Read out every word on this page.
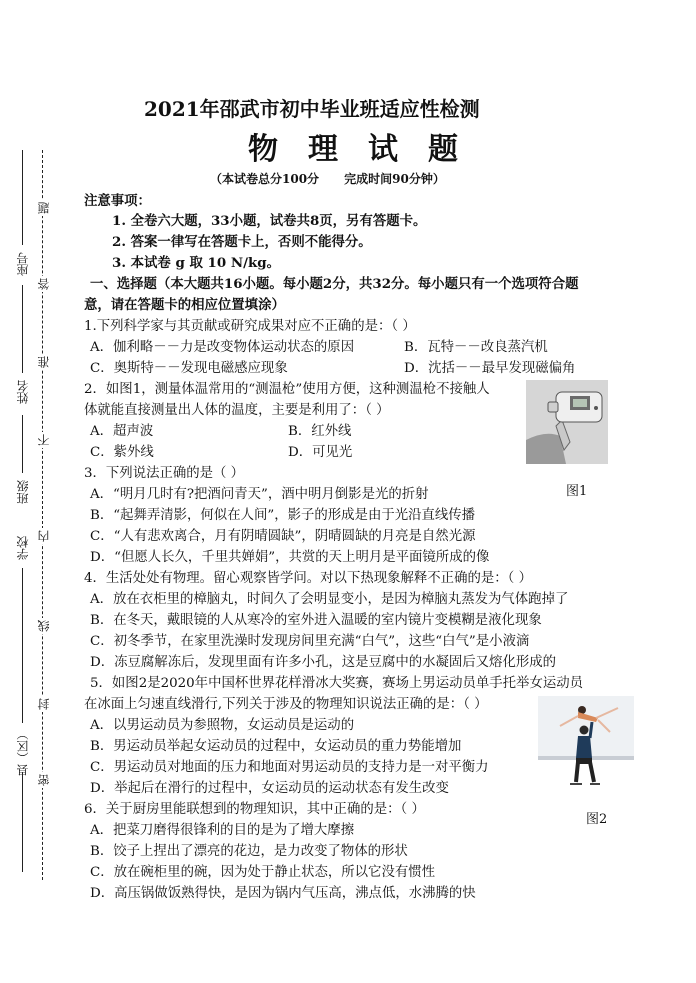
题
答
准
不
内
线
封
密
座号
姓名
班级
学校
县（区）
2021年邵武市初中毕业班适应性检测
物理试题
（本试卷总分100分      完成时间90分钟）
注意事项：
1. 全卷六大题，33小题，试卷共8页，另有答题卡。
2. 答案一律写在答题卡上，否则不能得分。
3. 本试卷 g 取 10 N/kg。
一、选择题（本大题共16小题。每小题2分，共32分。每小题只有一个选项符合题
意，请在答题卡的相应位置填涂）
1.下列科学家与其贡献或研究成果对应不正确的是：（ ）
A．伽利略－－力是改变物体运动状态的原因	B．瓦特－－改良蒸汽机
C．奥斯特－－发现电磁感应现象	D．沈括－－最早发现磁偏角
2．如图1，测量体温常用的“测温枪”使用方便，这种测温枪不接触人
体就能直接测量出人体的温度，主要是利用了：（ ）
A．超声波	B．红外线
C．紫外线	D．可见光
图1
3．下列说法正确的是（ ）
A．“明月几时有?把酒问青天”，酒中明月倒影是光的折射
B．“起舞弄清影，何似在人间”，影子的形成是由于光沿直线传播
C．“人有悲欢离合，月有阴晴圆缺”，阴晴圆缺的月亮是自然光源
D．“但愿人长久，千里共婵娟”，共赏的天上明月是平面镜所成的像
4．生活处处有物理。留心观察皆学问。对以下热现象解释不正确的是：（ ）
A．放在衣柜里的樟脑丸，时间久了会明显变小，是因为樟脑丸蒸发为气体跑掉了
B．在冬天，戴眼镜的人从寒冷的室外进入温暖的室内镜片变模糊是液化现象
C．初冬季节，在家里洗澡时发现房间里充满“白气”，这些“白气”是小液滴
D．冻豆腐解冻后，发现里面有许多小孔，这是豆腐中的水凝固后又熔化形成的
5．如图2是2020年中国杯世界花样滑冰大奖赛，赛场上男运动员单手托举女运动员
在冰面上匀速直线滑行,下列关于涉及的物理知识说法正确的是：（ ）
A．以男运动员为参照物，女运动员是运动的
B．男运动员举起女运动员的过程中，女运动员的重力势能增加
C．男运动员对地面的压力和地面对男运动员的支持力是一对平衡力
D．举起后在滑行的过程中，女运动员的运动状态有发生改变
图2
6．关于厨房里能联想到的物理知识，其中正确的是：（ ）
A．把菜刀磨得很锋利的目的是为了增大摩擦
B．饺子上捏出了漂亮的花边，是力改变了物体的形状
C．放在碗柜里的碗，因为处于静止状态，所以它没有惯性
D．高压锅做饭熟得快，是因为锅内气压高，沸点低，水沸腾的快
